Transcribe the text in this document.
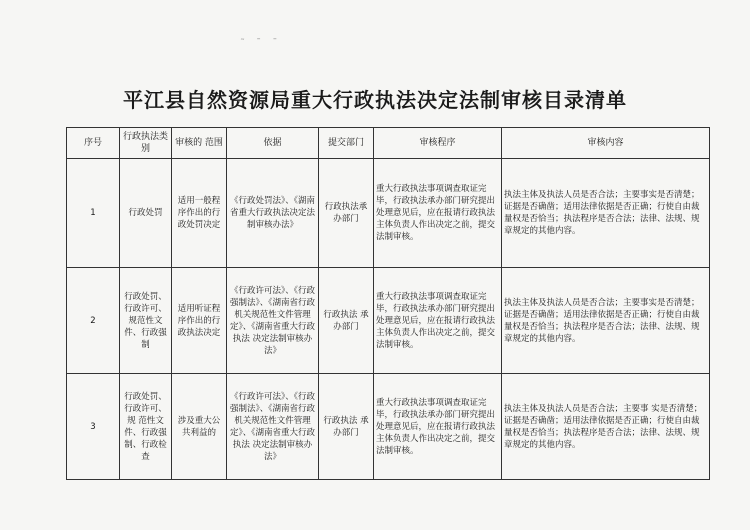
˜ ¯ ¯
平江县自然资源局重大行政执法决定法制审核目录清单
序号	行政执法类别	审核的 范围	依据	提交部门	审核程序	审核内容
1	行政处罚	适用一般程序作出的行政处罚决定	《行政处罚法》、《湖南省重大行政执法决定法制审核办法》	行政执法承办部门	重大行政执法事项调查取证完毕，行政执法承办部门研究提出处理意见后，应在报请行政执法主体负责人作出决定之前，提交法制审核。	执法主体及执法人员是否合法；主要事实是否清楚；证据是否确凿；适用法律依据是否正确；行使自由裁量权是否恰当；执法程序是否合法；法律、法规、规章规定的其他内容。
2	行政处罚、行政许可、规范性文件、行政强制	适用听证程序作出的行政执法决定	《行政许可法》、《行政强制法》、《湖南省行政机关规范性文件管理定》、《湖南省重大行政执法 决定法制审核办法》	行政执法 承办部门	重大行政执法事项调查取证完毕，行政执法承办部门研究提出处理意见后，应在报请行政执法主体负责人作出决定之前，提交 法制审核。	执法主体及执法人员是否合法；主要事实是否清楚；证据是否确凿；适用法律依据是否正确；行使自由裁量权是否恰当；执法程序是否合法；法律、法规、规章规定的其他内容。
3	行政处罚、行政许可、规 范性文件、行政强制、行政检查	涉及重大公共利益的	《行政许可法》、《行政强制法》、《湖南省行政机关规范性文件管理定》、《湖南省重大行政执法 决定法制审核办法》	行政执法 承办部门	重大行政执法事项调查取证完毕，行政执法承办部门研究提出处理意见后，应在报请行政执法主体负责人作出决定之前，提交法制审核。	执法主体及执法人员是否合法；主要事 实是否清楚；证据是否确凿；适用法律依据是否正确；行使自由裁量权是否恰当；执法程序是否合法；法律、法规、规章规定的其他内容。
